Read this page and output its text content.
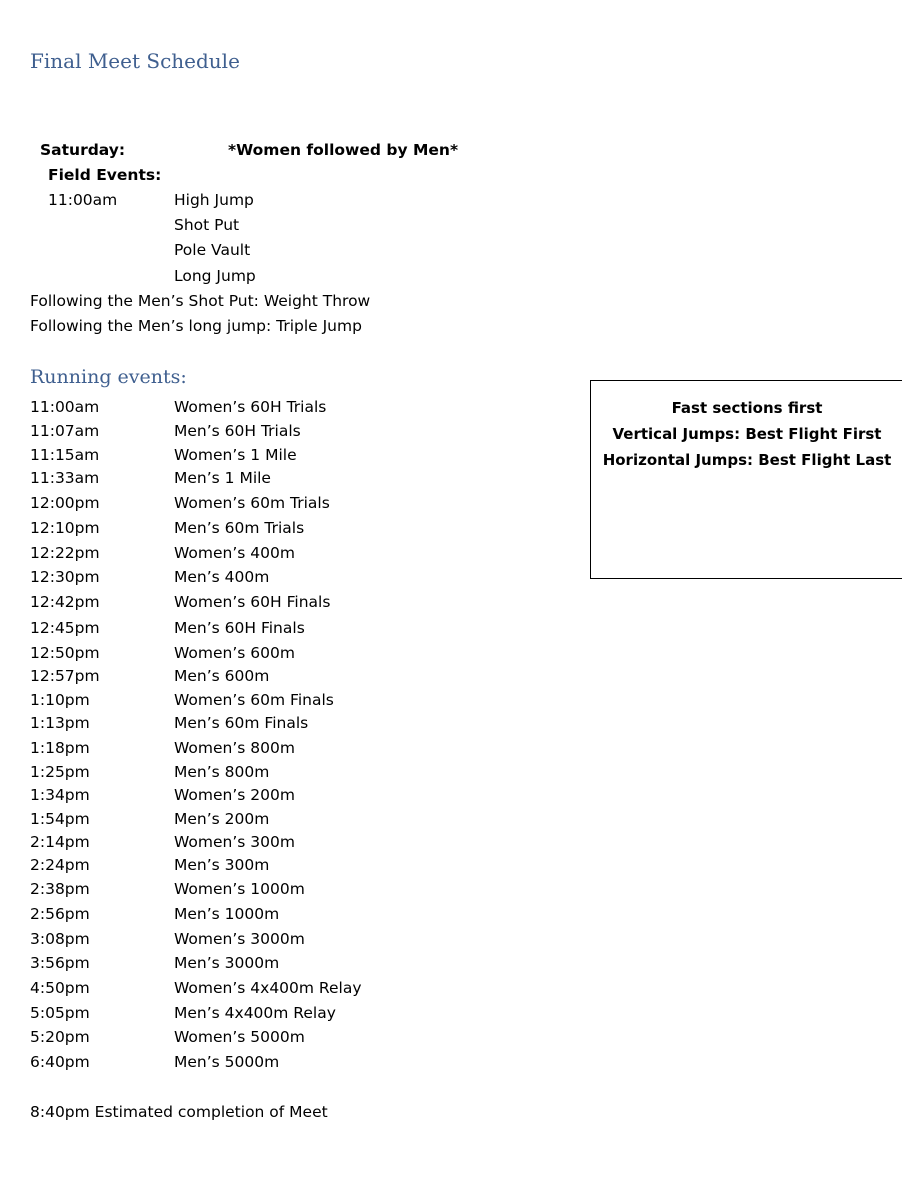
Final Meet Schedule
Saturday:	*Women followed by Men*
Field Events:
11:00am	High Jump
Shot Put
Pole Vault
Long Jump
Following the Men’s Shot Put: Weight Throw
Following the Men’s long jump: Triple Jump
Running events:
11:00am	Women’s 60H Trials
11:07am	Men’s 60H Trials
11:15am	Women’s 1 Mile
11:33am	Men’s 1 Mile
12:00pm	Women’s 60m Trials
12:10pm	Men’s 60m Trials
12:22pm	Women’s 400m
12:30pm	Men’s 400m
12:42pm	Women’s 60H Finals
12:45pm	Men’s 60H Finals
12:50pm	Women’s 600m
12:57pm	Men’s 600m
1:10pm	Women’s 60m Finals
1:13pm	Men’s 60m Finals
1:18pm	Women’s 800m
1:25pm	Men’s 800m
1:34pm	Women’s 200m
1:54pm	Men’s 200m
2:14pm	Women’s 300m
2:24pm	Men’s 300m
2:38pm	Women’s 1000m
2:56pm	Men’s 1000m
3:08pm	Women’s 3000m
3:56pm	Men’s 3000m
4:50pm	Women’s 4x400m Relay
5:05pm	Men’s 4x400m Relay
5:20pm	Women’s 5000m
6:40pm	Men’s 5000m
8:40pm Estimated completion of Meet
Fast sections first
Vertical Jumps: Best Flight First
Horizontal Jumps: Best Flight Last
